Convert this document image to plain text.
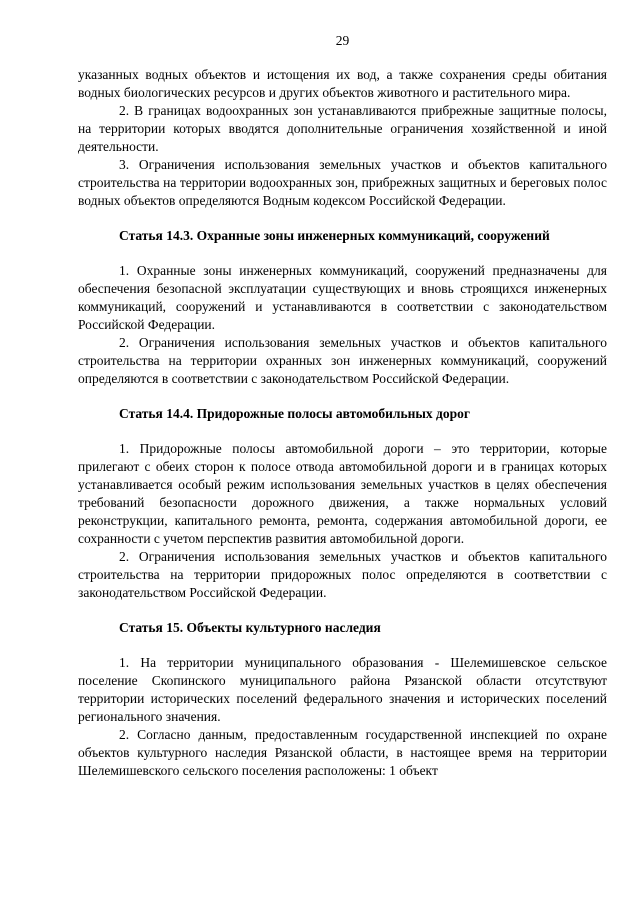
29

указанных водных объектов и истощения их вод, а также сохранения среды обитания водных биологических ресурсов и других объектов животного и растительного мира.

2. В границах водоохранных зон устанавливаются прибрежные защитные полосы, на территории которых вводятся дополнительные ограничения хозяйственной и иной деятельности.

3. Ограничения использования земельных участков и объектов капитального строительства на территории водоохранных зон, прибрежных защитных и береговых полос водных объектов определяются Водным кодексом Российской Федерации.

Статья 14.3. Охранные зоны инженерных коммуникаций, сооружений

1. Охранные зоны инженерных коммуникаций, сооружений предназначены для обеспечения безопасной эксплуатации существующих и вновь строящихся инженерных коммуникаций, сооружений и устанавливаются в соответствии с законодательством Российской Федерации.

2. Ограничения использования земельных участков и объектов капитального строительства на территории охранных зон инженерных коммуникаций, сооружений определяются в соответствии с законодательством Российской Федерации.

Статья 14.4. Придорожные полосы автомобильных дорог

1. Придорожные полосы автомобильной дороги – это территории, которые прилегают с обеих сторон к полосе отвода автомобильной дороги и в границах которых устанавливается особый режим использования земельных участков в целях обеспечения требований безопасности дорожного движения, а также нормальных условий реконструкции, капитального ремонта, ремонта, содержания автомобильной дороги, ее сохранности с учетом перспектив развития автомобильной дороги.

2. Ограничения использования земельных участков и объектов капитального строительства на территории придорожных полос определяются в соответствии с законодательством Российской Федерации.

Статья 15. Объекты культурного наследия

1. На территории муниципального образования - Шелемишевское сельское поселение Скопинского муниципального района Рязанской области отсутствуют территории исторических поселений федерального значения и исторических поселений регионального значения.

2. Согласно данным, предоставленным государственной инспекцией по охране объектов культурного наследия Рязанской области, в настоящее время на территории Шелемишевского сельского поселения расположены: 1 объект
